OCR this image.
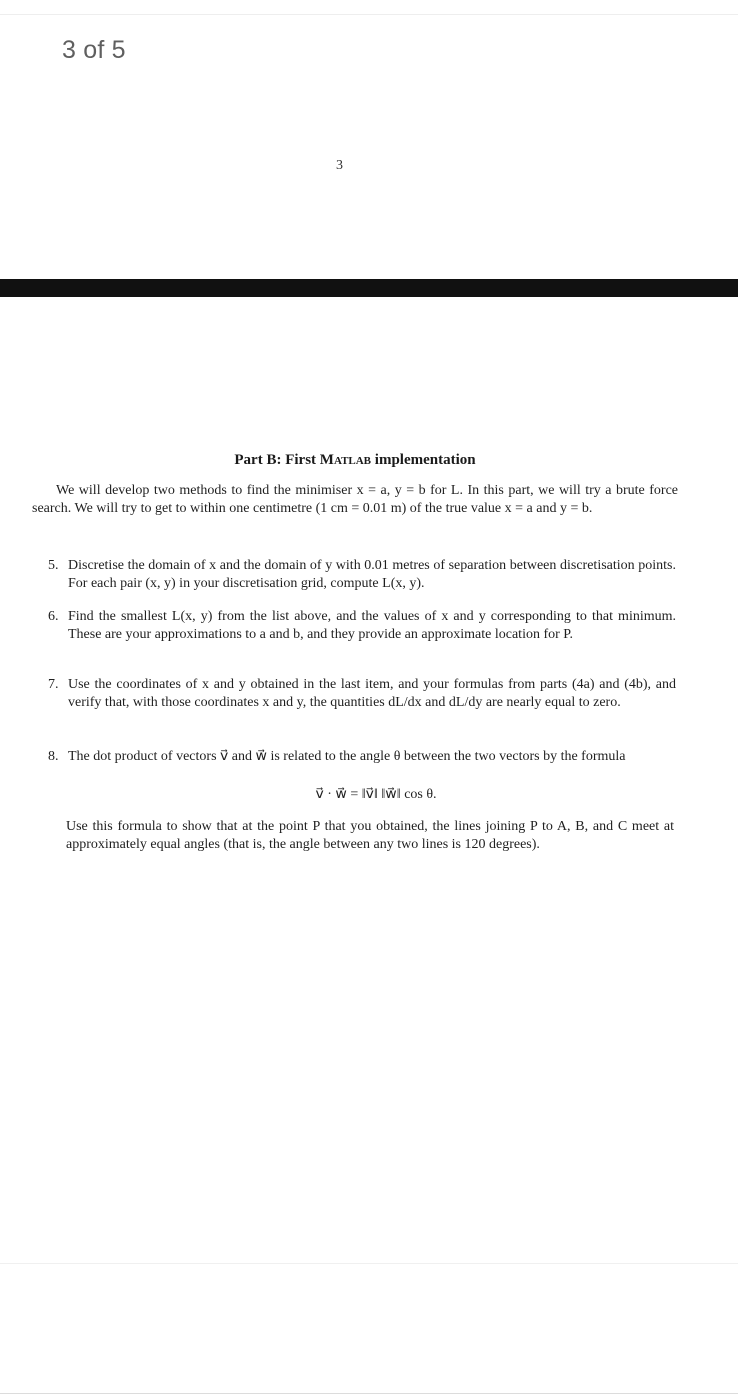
3 of 5
3
Part B: First Matlab implementation
We will develop two methods to find the minimiser x = a, y = b for L. In this part, we will try a brute force search. We will try to get to within one centimetre (1 cm = 0.01 m) of the true value x = a and y = b.
5. Discretise the domain of x and the domain of y with 0.01 metres of separation between discretisation points. For each pair (x, y) in your discretisation grid, compute L(x, y).
6. Find the smallest L(x, y) from the list above, and the values of x and y corresponding to that minimum. These are your approximations to a and b, and they provide an approximate location for P.
7. Use the coordinates of x and y obtained in the last item, and your formulas from parts (4a) and (4b), and verify that, with those coordinates x and y, the quantities dL/dx and dL/dy are nearly equal to zero.
8. The dot product of vectors v⃗ and w⃗ is related to the angle θ between the two vectors by the formula
v⃗ · w⃗ = ‖v⃗‖ ‖w⃗‖ cos θ.
Use this formula to show that at the point P that you obtained, the lines joining P to A, B, and C meet at approximately equal angles (that is, the angle between any two lines is 120 degrees).
